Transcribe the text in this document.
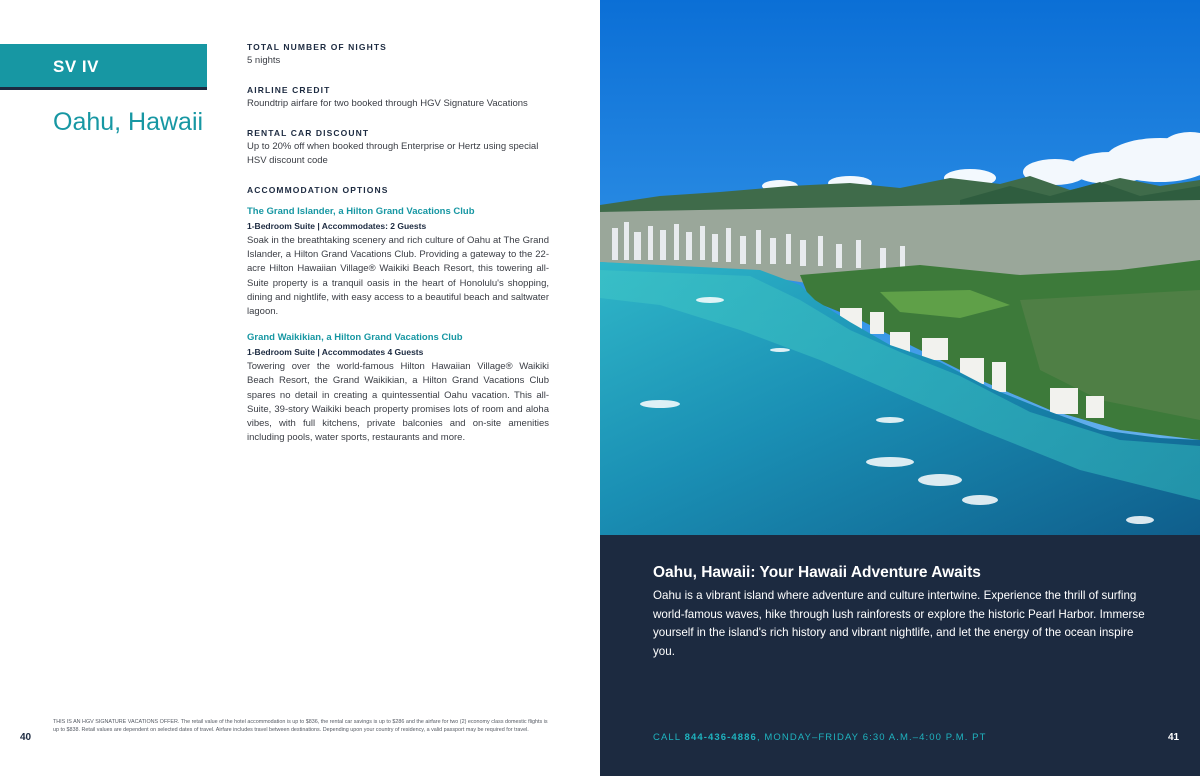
SV IV
Oahu, Hawaii
TOTAL NUMBER OF NIGHTS
5 nights
AIRLINE CREDIT
Roundtrip airfare for two booked through HGV Signature Vacations
RENTAL CAR DISCOUNT
Up to 20% off when booked through Enterprise or Hertz using special HSV discount code
ACCOMMODATION OPTIONS
The Grand Islander, a Hilton Grand Vacations Club
1-Bedroom Suite | Accommodates: 2 Guests
Soak in the breathtaking scenery and rich culture of Oahu at The Grand Islander, a Hilton Grand Vacations Club. Providing a gateway to the 22-acre Hilton Hawaiian Village® Waikiki Beach Resort, this towering all-Suite property is a tranquil oasis in the heart of Honolulu's shopping, dining and nightlife, with easy access to a beautiful beach and saltwater lagoon.
Grand Waikikian, a Hilton Grand Vacations Club
1-Bedroom Suite | Accommodates 4 Guests
Towering over the world-famous Hilton Hawaiian Village® Waikiki Beach Resort, the Grand Waikikian, a Hilton Grand Vacations Club spares no detail in creating a quintessential Oahu vacation. This all-Suite, 39-story Waikiki beach property promises lots of room and aloha vibes, with full kitchens, private balconies and on-site amenities including pools, water sports, restaurants and more.
THIS IS AN HGV SIGNATURE VACATIONS OFFER. The retail value of the hotel accommodation is up to $836, the rental car savings is up to $286 and the airfare for two (2) economy class domestic flights is up to $838. Retail values are dependent on selected dates of travel. Airfare includes travel between destinations. Depending upon your country of residency, a valid passport may be required for travel.
40
Oahu, Hawaii: Your Hawaii Adventure Awaits
Oahu is a vibrant island where adventure and culture intertwine. Experience the thrill of surfing world-famous waves, hike through lush rainforests or explore the historic Pearl Harbor. Immerse yourself in the island's rich history and vibrant nightlife, and let the energy of the ocean inspire you.
CALL 844-436-4886, MONDAY–FRIDAY 6:30 A.M.–4:00 P.M. PT	41
